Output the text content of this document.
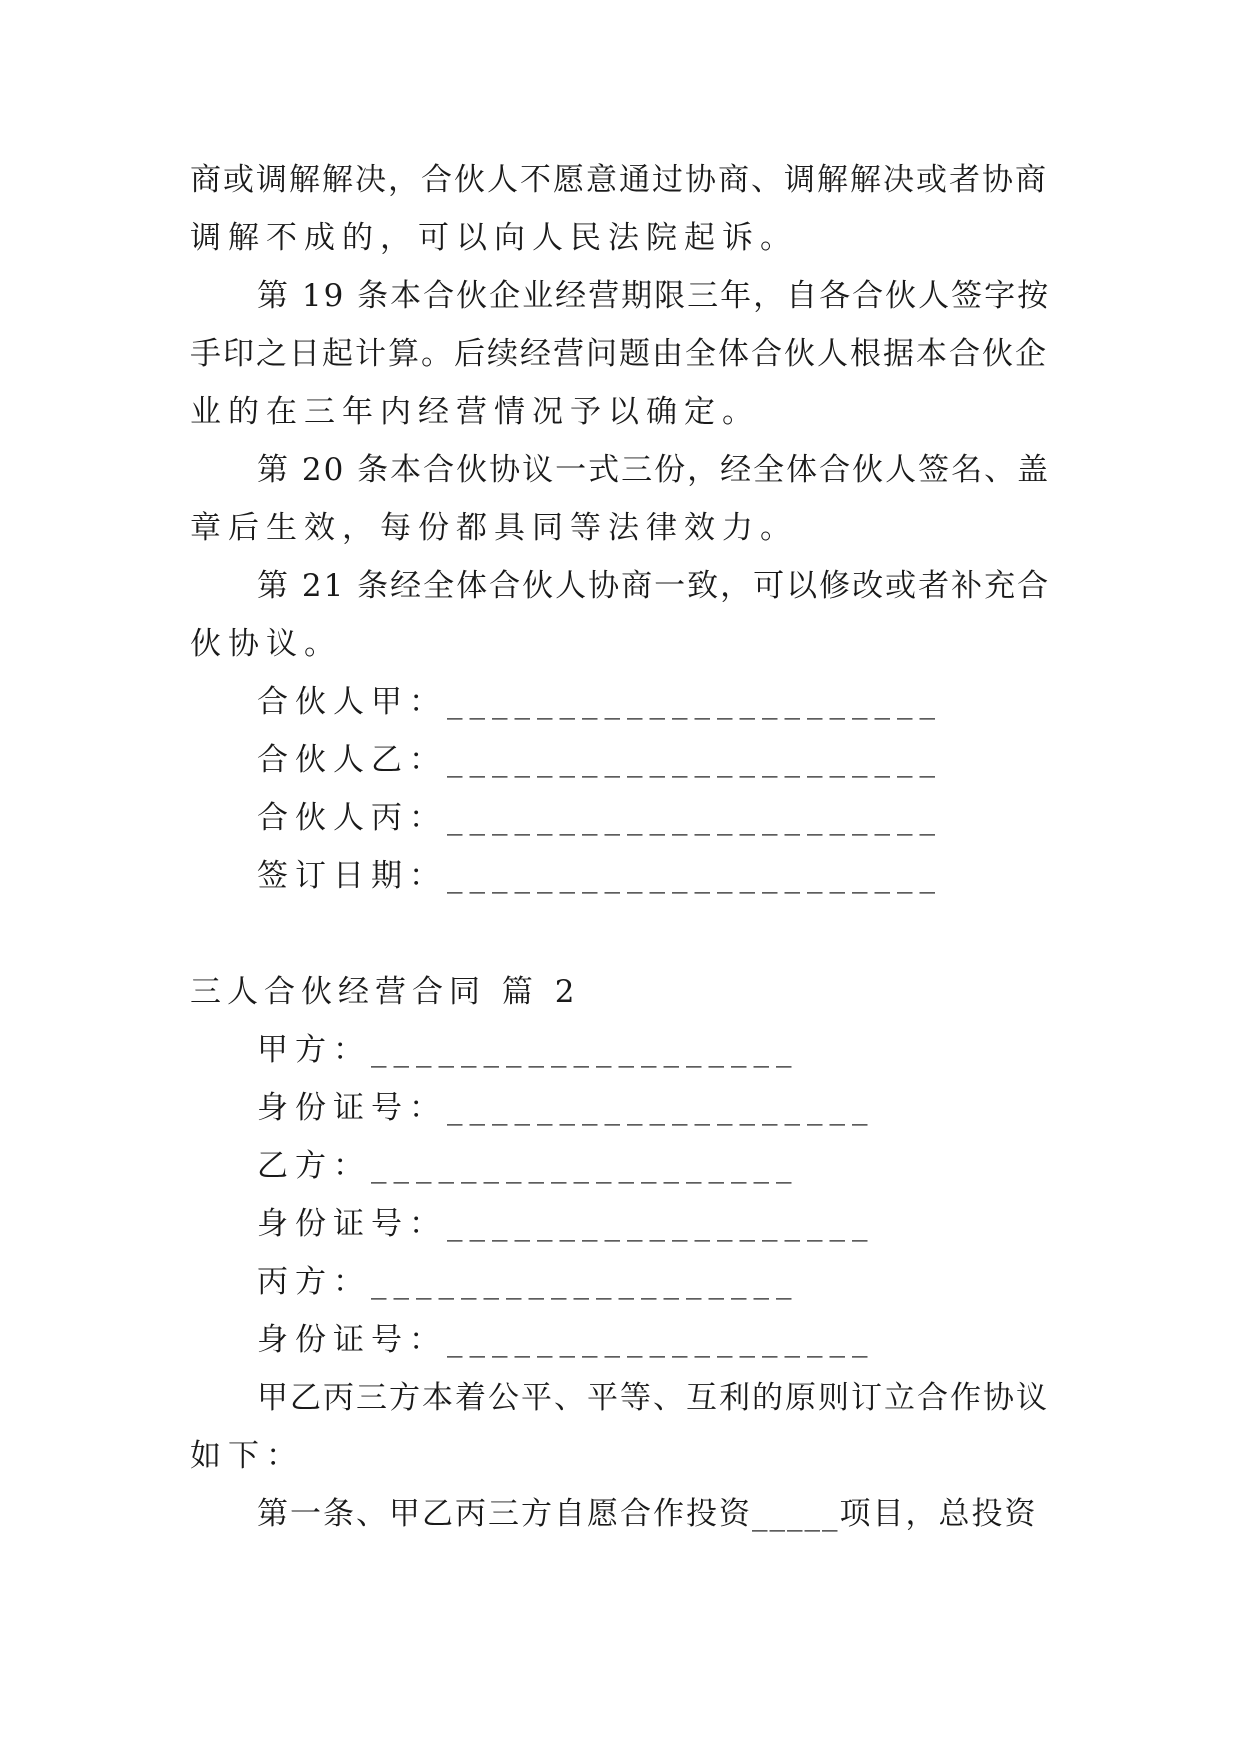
商或调解解决，合伙人不愿意通过协商、调解解决或者协商
调解不成的，可以向人民法院起诉。
第 19 条本合伙企业经营期限三年，自各合伙人签字按
手印之日起计算。后续经营问题由全体合伙人根据本合伙企
业的在三年内经营情况予以确定。
第 20 条本合伙协议一式三份，经全体合伙人签名、盖
章后生效，每份都具同等法律效力。
第 21 条经全体合伙人协商一致，可以修改或者补充合
伙协议。
合伙人甲：______________________
合伙人乙：______________________
合伙人丙：______________________
签订日期：______________________
三人合伙经营合同 篇 2
甲方：___________________
身份证号：___________________
乙方：___________________
身份证号：___________________
丙方：___________________
身份证号：___________________
甲乙丙三方本着公平、平等、互利的原则订立合作协议
如下：
第一条、甲乙丙三方自愿合作投资_____项目，总投资
